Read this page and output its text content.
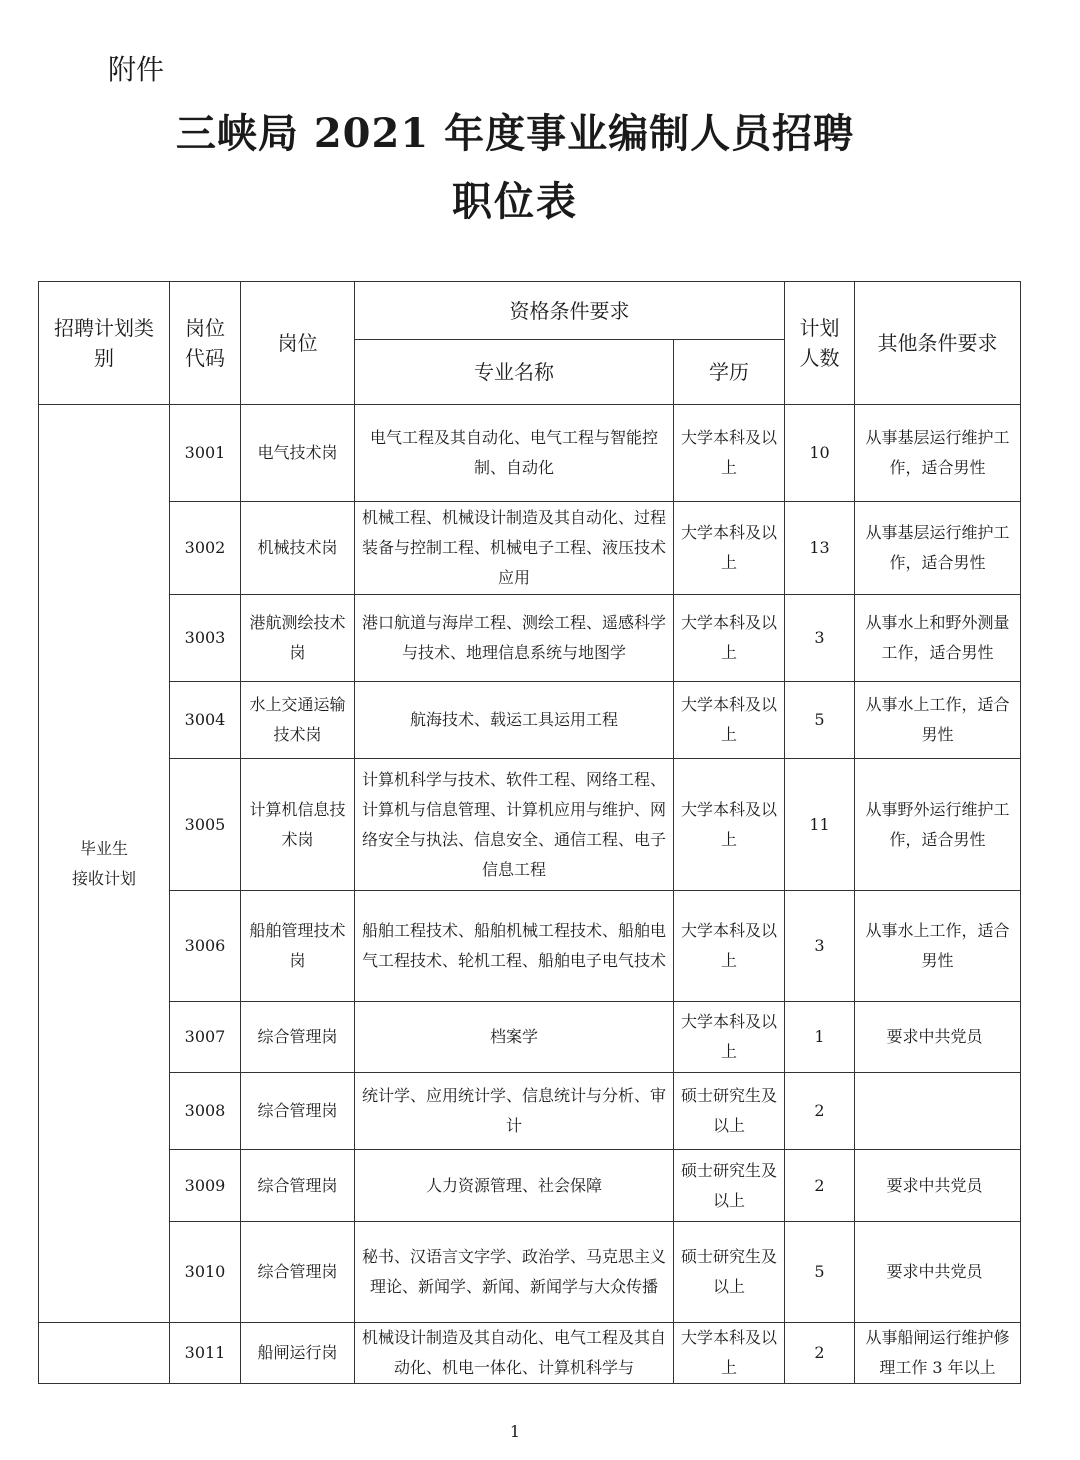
附件
三峡局 2021 年度事业编制人员招聘
职位表
招聘计划类别	岗位代码	岗位	资格条件要求		计划人数	其他条件要求
			专业名称	学历		

毕业生
接收计划	3001	电气技术岗	电气工程及其自动化、电气工程与智能控制、自动化	大学本科及以上	10	从事基层运行维护工作，适合男性
	3002	机械技术岗	机械工程、机械设计制造及其自动化、过程装备与控制工程、机械电子工程、液压技术应用	大学本科及以上	13	从事基层运行维护工作，适合男性
	3003	港航测绘技术岗	港口航道与海岸工程、测绘工程、遥感科学与技术、地理信息系统与地图学	大学本科及以上	3	从事水上和野外测量工作，适合男性
	3004	水上交通运输技术岗	航海技术、载运工具运用工程	大学本科及以上	5	从事水上工作，适合男性
	3005	计算机信息技术岗	计算机科学与技术、软件工程、网络工程、计算机与信息管理、计算机应用与维护、网络安全与执法、信息安全、通信工程、电子信息工程	大学本科及以上	11	从事野外运行维护工作，适合男性
	3006	船舶管理技术岗	船舶工程技术、船舶机械工程技术、船舶电气工程技术、轮机工程、船舶电子电气技术	大学本科及以上	3	从事水上工作，适合男性
	3007	综合管理岗	档案学	大学本科及以上	1	要求中共党员
	3008	综合管理岗	统计学、应用统计学、信息统计与分析、审计	硕士研究生及以上	2	
	3009	综合管理岗	人力资源管理、社会保障	硕士研究生及以上	2	要求中共党员
	3010	综合管理岗	秘书、汉语言文字学、政治学、马克思主义理论、新闻学、新闻、新闻学与大众传播	硕士研究生及以上	5	要求中共党员
	3011	船闸运行岗	机械设计制造及其自动化、电气工程及其自动化、机电一体化、计算机科学与	大学本科及以上	2	从事船闸运行维护修理工作 3 年以上
1
